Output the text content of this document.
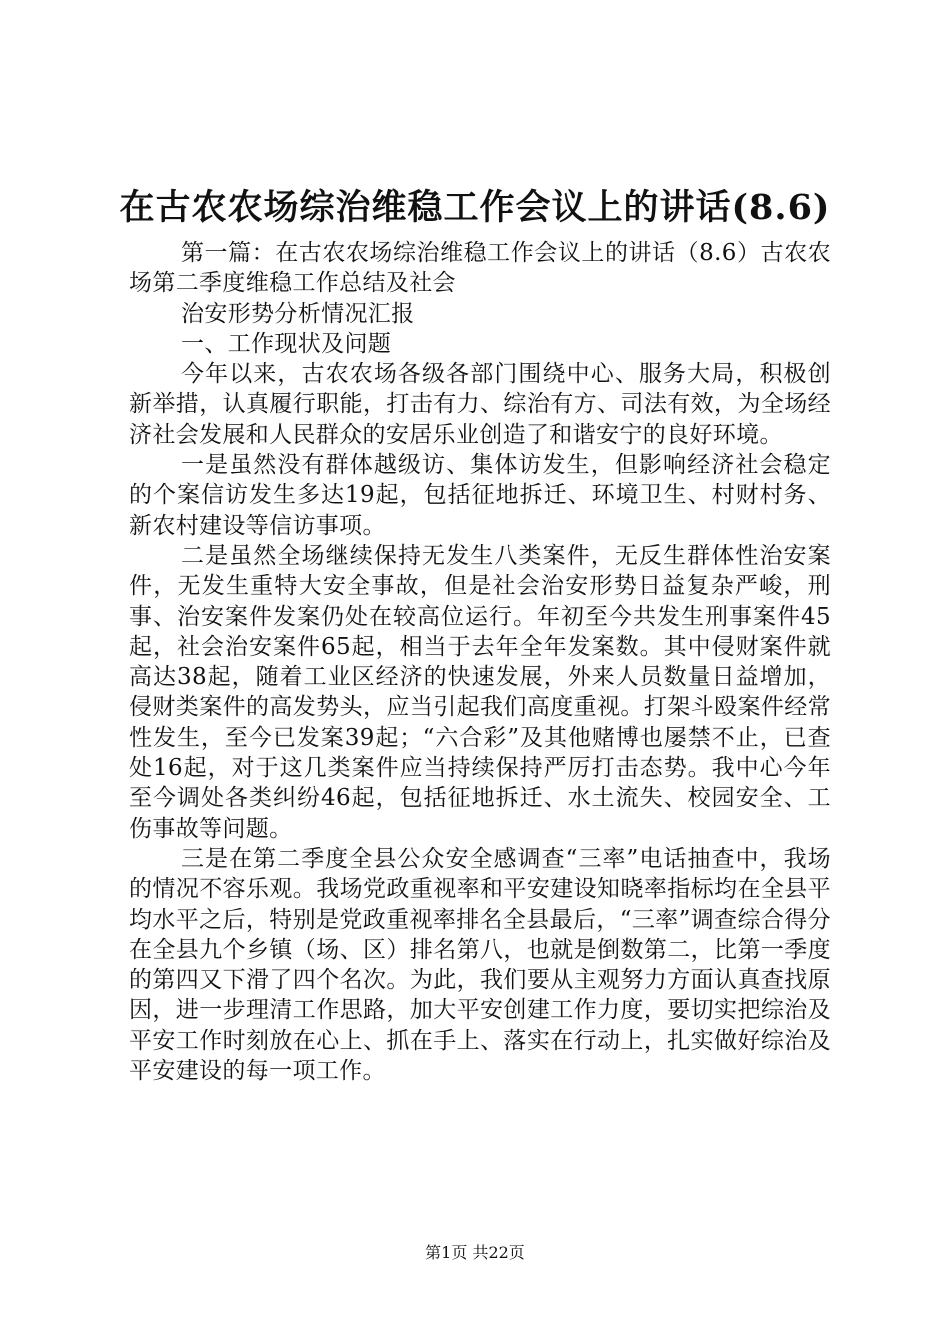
在古农农场综治维稳工作会议上的讲话(8.6)

第一篇：在古农农场综治维稳工作会议上的讲话（8.6）古农农场第二季度维稳工作总结及社会

治安形势分析情况汇报

一、工作现状及问题

今年以来，古农农场各级各部门围绕中心、服务大局，积极创新举措，认真履行职能，打击有力、综治有方、司法有效，为全场经济社会发展和人民群众的安居乐业创造了和谐安宁的良好环境。

一是虽然没有群体越级访、集体访发生，但影响经济社会稳定的个案信访发生多达19起，包括征地拆迁、环境卫生、村财村务、新农村建设等信访事项。

二是虽然全场继续保持无发生八类案件，无反生群体性治安案件，无发生重特大安全事故，但是社会治安形势日益复杂严峻，刑事、治安案件发案仍处在较高位运行。年初至今共发生刑事案件45起，社会治安案件65起，相当于去年全年发案数。其中侵财案件就高达38起，随着工业区经济的快速发展，外来人员数量日益增加，侵财类案件的高发势头，应当引起我们高度重视。打架斗殴案件经常性发生，至今已发案39起；“六合彩”及其他赌博也屡禁不止，已查处16起，对于这几类案件应当持续保持严厉打击态势。我中心今年至今调处各类纠纷46起，包括征地拆迁、水土流失、校园安全、工伤事故等问题。

三是在第二季度全县公众安全感调查“三率”电话抽查中，我场的情况不容乐观。我场党政重视率和平安建设知晓率指标均在全县平均水平之后，特别是党政重视率排名全县最后，“三率”调查综合得分在全县九个乡镇（场、区）排名第八，也就是倒数第二，比第一季度的第四又下滑了四个名次。为此，我们要从主观努力方面认真查找原因，进一步理清工作思路，加大平安创建工作力度，要切实把综治及平安工作时刻放在心上、抓在手上、落实在行动上，扎实做好综治及平安建设的每一项工作。

第1页 共22页
